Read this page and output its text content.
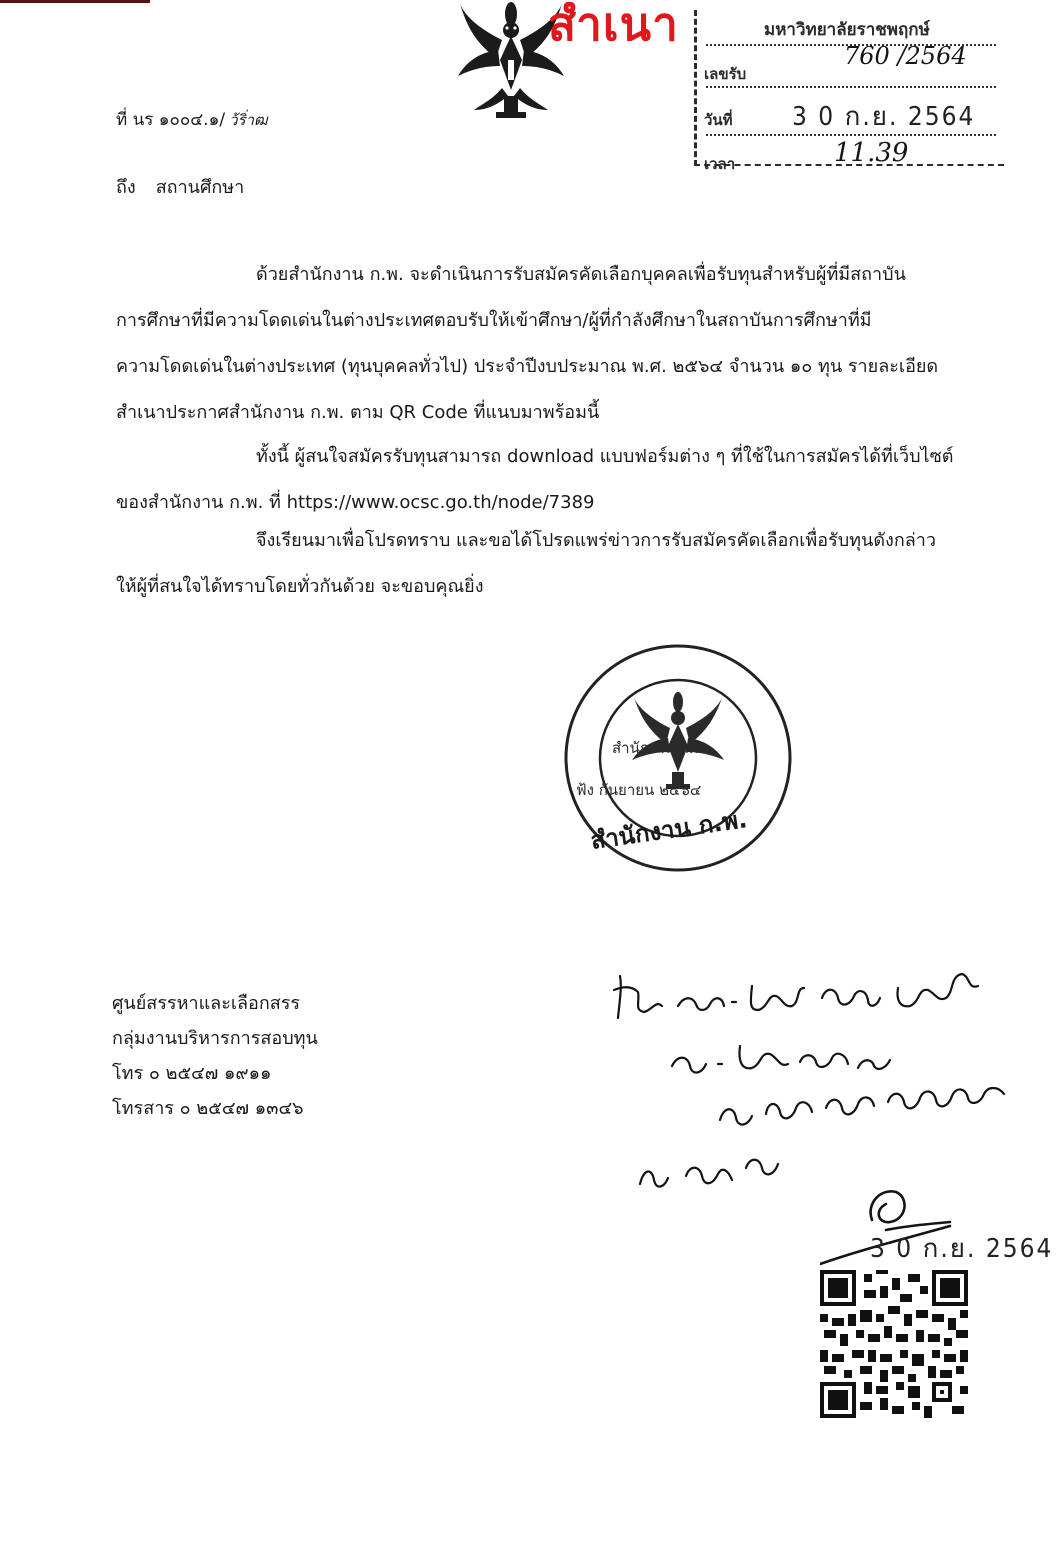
สำเนา	มหาวิทยาลัยราชพฤกษ์
เลขรับ
760 /2564
วันที่ 3 0 ก.ย. 2564
เวลา	11.39
ที่ นร ๑๐๐๔.๑/ ว้ริ่าฒ
ถึง สถานศึกษา
ด้วยสำนักงาน ก.พ. จะดำเนินการรับสมัครคัดเลือกบุคคลเพื่อรับทุนสำหรับผู้ที่มีสถาบัน
การศึกษาที่มีความโดดเด่นในต่างประเทศตอบรับให้เข้าศึกษา/ผู้ที่กำลังศึกษาในสถาบันการศึกษาที่มี
ความโดดเด่นในต่างประเทศ (ทุนบุคคลทั่วไป) ประจำปีงบประมาณ พ.ศ. ๒๕๖๔ จำนวน ๑๐ ทุน รายละเอียด
สำเนาประกาศสำนักงาน ก.พ. ตาม QR Code ที่แนบมาพร้อมนี้
ทั้งนี้ ผู้สนใจสมัครรับทุนสามารถ download แบบฟอร์มต่าง ๆ ที่ใช้ในการสมัครได้ที่เว็บไซต์
ของสำนักงาน ก.พ. ที่ https://www.ocsc.go.th/node/7389
จึงเรียนมาเพื่อโปรดทราบ และขอได้โปรดแพร่ข่าวการรับสมัครคัดเลือกเพื่อรับทุนดังกล่าว
ให้ผู้ที่สนใจได้ทราบโดยทั่วกันด้วย จะขอบคุณยิ่ง
สำนักงาน ก.พ.
ฟ้ง กันยายน ๒๕๖๔
สำนักงาน ก.พ.
ศูนย์สรรหาและเลือกสรร
กลุ่มงานบริหารการสอบทุน
โทร ๐ ๒๕๔๗ ๑๙๑๑
โทรสาร ๐ ๒๕๔๗ ๑๓๔๖
3 0 ก.ย. 2564
